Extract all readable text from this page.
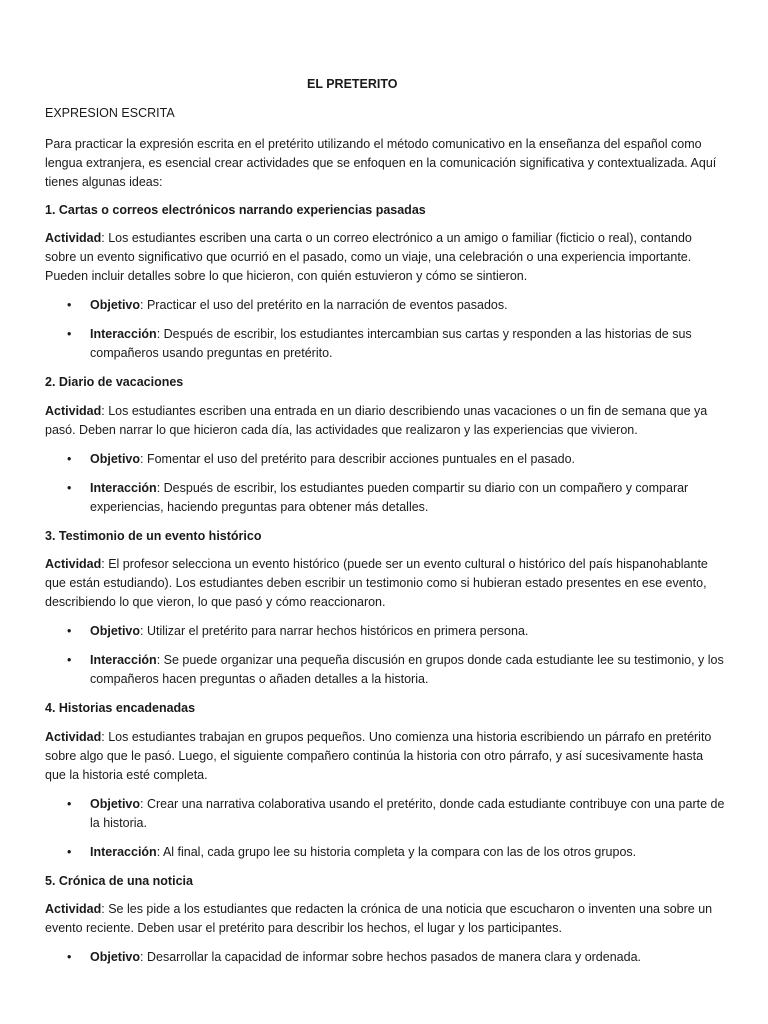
EL PRETERITO
EXPRESION ESCRITA
Para practicar la expresión escrita en el pretérito utilizando el método comunicativo en la enseñanza del español como lengua extranjera, es esencial crear actividades que se enfoquen en la comunicación significativa y contextualizada. Aquí tienes algunas ideas:
1. Cartas o correos electrónicos narrando experiencias pasadas
Actividad: Los estudiantes escriben una carta o un correo electrónico a un amigo o familiar (ficticio o real), contando sobre un evento significativo que ocurrió en el pasado, como un viaje, una celebración o una experiencia importante. Pueden incluir detalles sobre lo que hicieron, con quién estuvieron y cómo se sintieron.
• Objetivo: Practicar el uso del pretérito en la narración de eventos pasados.
• Interacción: Después de escribir, los estudiantes intercambian sus cartas y responden a las historias de sus compañeros usando preguntas en pretérito.
2. Diario de vacaciones
Actividad: Los estudiantes escriben una entrada en un diario describiendo unas vacaciones o un fin de semana que ya pasó. Deben narrar lo que hicieron cada día, las actividades que realizaron y las experiencias que vivieron.
• Objetivo: Fomentar el uso del pretérito para describir acciones puntuales en el pasado.
• Interacción: Después de escribir, los estudiantes pueden compartir su diario con un compañero y comparar experiencias, haciendo preguntas para obtener más detalles.
3. Testimonio de un evento histórico
Actividad: El profesor selecciona un evento histórico (puede ser un evento cultural o histórico del país hispanohablante que están estudiando). Los estudiantes deben escribir un testimonio como si hubieran estado presentes en ese evento, describiendo lo que vieron, lo que pasó y cómo reaccionaron.
• Objetivo: Utilizar el pretérito para narrar hechos históricos en primera persona.
• Interacción: Se puede organizar una pequeña discusión en grupos donde cada estudiante lee su testimonio, y los compañeros hacen preguntas o añaden detalles a la historia.
4. Historias encadenadas
Actividad: Los estudiantes trabajan en grupos pequeños. Uno comienza una historia escribiendo un párrafo en pretérito sobre algo que le pasó. Luego, el siguiente compañero continúa la historia con otro párrafo, y así sucesivamente hasta que la historia esté completa.
• Objetivo: Crear una narrativa colaborativa usando el pretérito, donde cada estudiante contribuye con una parte de la historia.
• Interacción: Al final, cada grupo lee su historia completa y la compara con las de los otros grupos.
5. Crónica de una noticia
Actividad: Se les pide a los estudiantes que redacten la crónica de una noticia que escucharon o inventen una sobre un evento reciente. Deben usar el pretérito para describir los hechos, el lugar y los participantes.
• Objetivo: Desarrollar la capacidad de informar sobre hechos pasados de manera clara y ordenada.
